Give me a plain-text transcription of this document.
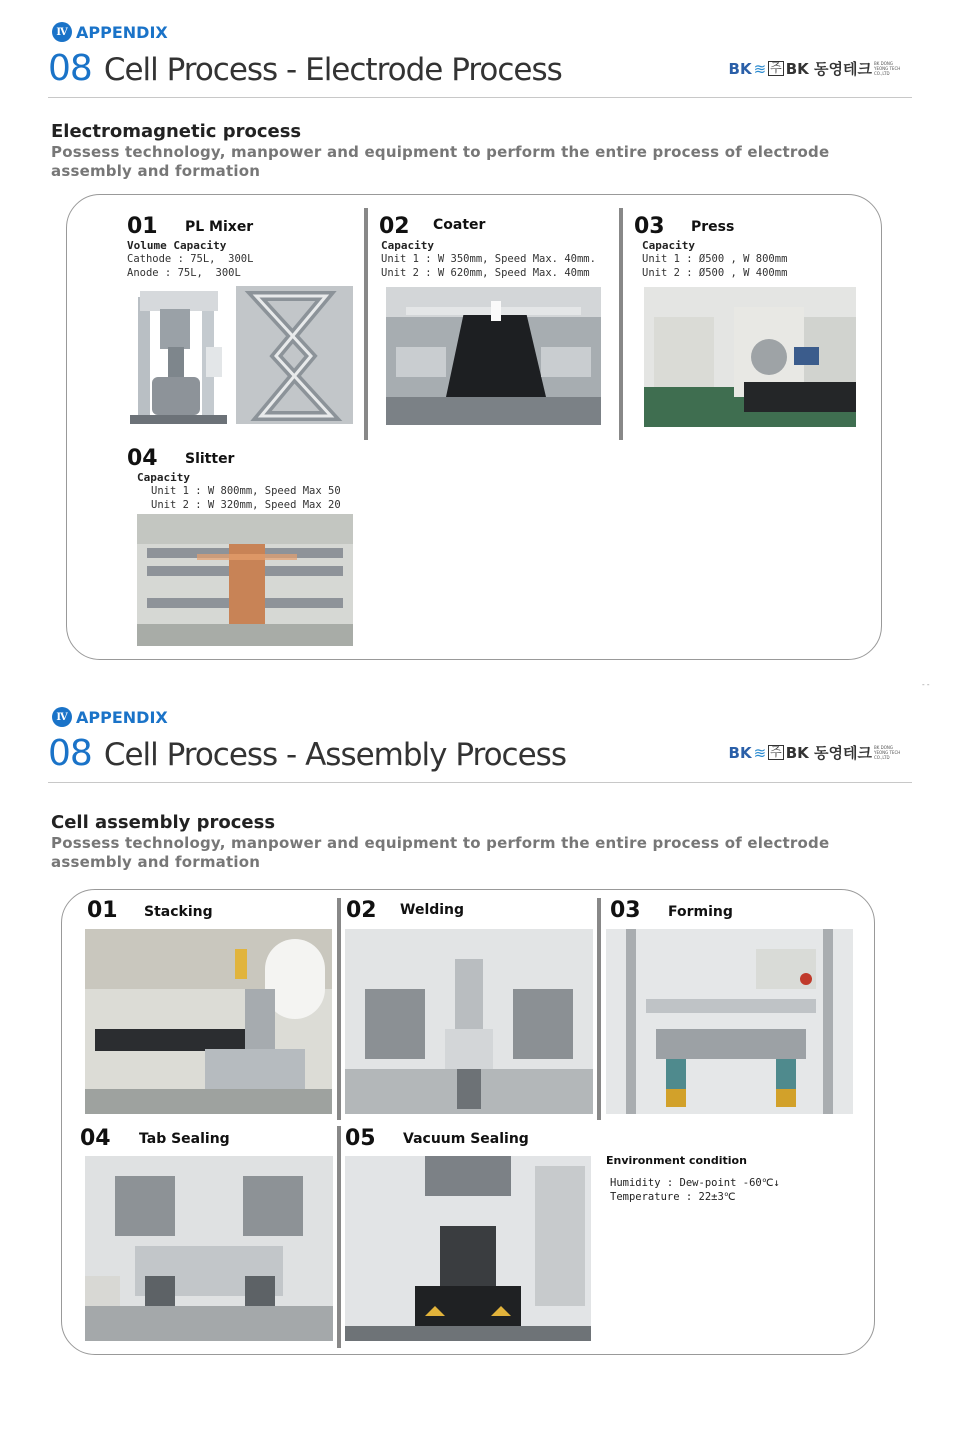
Ⅳ APPENDIX
08 Cell Process - Electrode Process	BK ≋ 주 BK 동영테크 BK DONG YEONG TECH CO.,LTD
Electromagnetic process
Possess technology, manpower and equipment to perform the entire process of electrode assembly and formation
01 PL Mixer
Volume Capacity
Cathode : 75L,  300L
Anode : 75L,  300L
02 Coater
Capacity
Unit 1 : W 350mm, Speed Max. 40mm.
Unit 2 : W 620mm, Speed Max. 40mm
03 Press
Capacity
Unit 1 : Ø500 , W 800mm
Unit 2 : Ø500 , W 400mm
04 Slitter
Capacity
Unit 1 : W 800mm, Speed Max 50
Unit 2 : W 320mm, Speed Max 20
- -
Ⅳ APPENDIX
08 Cell Process - Assembly Process	BK ≋ 주 BK 동영테크 BK DONG YEONG TECH CO.,LTD
Cell assembly process
Possess technology, manpower and equipment to perform the entire process of electrode assembly and formation
01 Stacking	02 Welding	03 Forming
04 Tab Sealing	05 Vacuum Sealing
Environment condition
Humidity : Dew-point -60℃↓
Temperature : 22±3℃
